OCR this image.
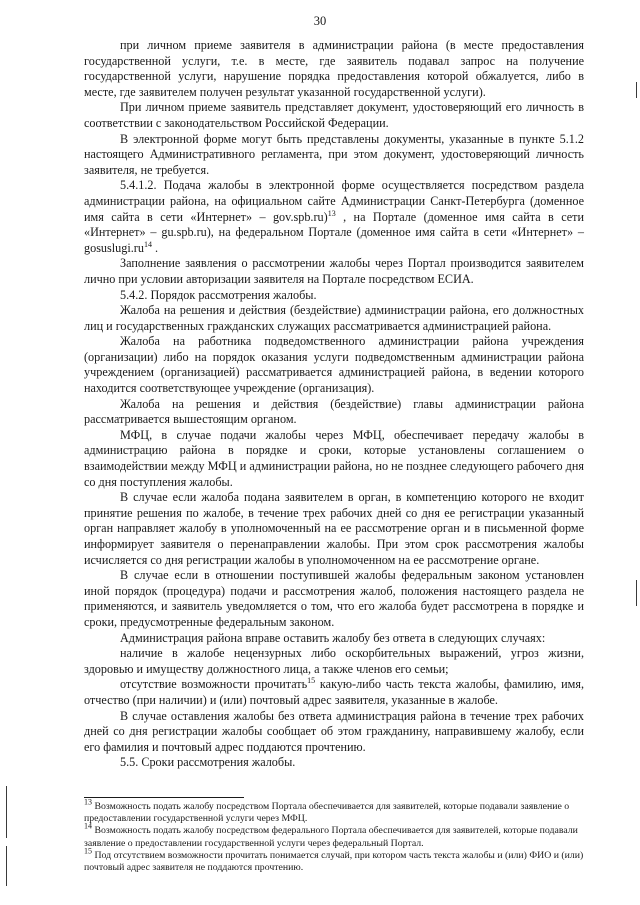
30

при личном приеме заявителя в администрации района (в месте предоставления государственной услуги, т.е. в месте, где заявитель подавал запрос на получение государственной услуги, нарушение порядка предоставления которой обжалуется, либо в месте, где заявителем получен результат указанной государственной услуги).

При личном приеме заявитель представляет документ, удостоверяющий его личность в соответствии с законодательством Российской Федерации.

В электронной форме могут быть представлены документы, указанные в пункте 5.1.2 настоящего Административного регламента, при этом документ, удостоверяющий личность заявителя, не требуется.

5.4.1.2. Подача жалобы в электронной форме осуществляется посредством раздела администрации района, на официальном сайте Администрации Санкт-Петербурга (доменное имя сайта в сети «Интернет» – gov.spb.ru)$^{13}$ , на Портале (доменное имя сайта в сети «Интернет» – gu.spb.ru), на федеральном Портале (доменное имя сайта в сети «Интернет» – $gosuslugi.ru^{14}$ .

Заполнение заявления о рассмотрении жалобы через Портал производится заявителем лично при условии авторизации заявителя на Портале посредством ЕСИА.

5.4.2. Порядок рассмотрения жалобы.

Жалоба на решения и действия (бездействие) администрации района, его должностных лиц и государственных гражданских служащих рассматривается администрацией района.

Жалоба на работника подведомственного администрации района учреждения (организации) либо на порядок оказания услуги подведомственным администрации района учреждением (организацией) рассматривается администрацией района, в ведении которого находится соответствующее учреждение (организация).

Жалоба на решения и действия (бездействие) главы администрации района рассматривается вышестоящим органом.

МФЦ, в случае подачи жалобы через МФЦ, обеспечивает передачу жалобы в администрацию района в порядке и сроки, которые установлены соглашением о взаимодействии между МФЦ и администрации района, но не позднее следующего рабочего дня со дня поступления жалобы.

В случае если жалоба подана заявителем в орган, в компетенцию которого не входит принятие решения по жалобе, в течение трех рабочих дней со дня ее регистрации указанный орган направляет жалобу в уполномоченный на ее рассмотрение орган и в письменной форме информирует заявителя о перенаправлении жалобы. При этом срок рассмотрения жалобы исчисляется со дня регистрации жалобы в уполномоченном на ее рассмотрение органе.

В случае если в отношении поступившей жалобы федеральным законом установлен иной порядок (процедура) подачи и рассмотрения жалоб, положения настоящего раздела не применяются, и заявитель уведомляется о том, что его жалоба будет рассмотрена в порядке и сроки, предусмотренные федеральным законом.

Администрация района вправе оставить жалобу без ответа в следующих случаях:

наличие в жалобе нецензурных либо оскорбительных выражений, угроз жизни, здоровью и имуществу должностного лица, а также членов его семьи;

отсутствие возможности прочитать$^{15}$ какую-либо часть текста жалобы, фамилию, имя, отчество (при наличии) и (или) почтовый адрес заявителя, указанные в жалобе.

В случае оставления жалобы без ответа администрация района в течение трех рабочих дней со дня регистрации жалобы сообщает об этом гражданину, направившему жалобу, если его фамилия и почтовый адрес поддаются прочтению.

5.5. Сроки рассмотрения жалобы.

$^{13}$ Возможность подать жалобу посредством Портала обеспечивается для заявителей, которые подавали заявление о предоставлении государственной услуги через МФЦ.

$^{14}$ Возможность подать жалобу посредством федерального Портала обеспечивается для заявителей, которые подавали заявление о предоставлении государственной услуги через федеральный Портал.

$^{15}$ Под отсутствием возможности прочитать понимается случай, при котором часть текста жалобы и (или) ФИО и (или) почтовый адрес заявителя не поддаются прочтению.
